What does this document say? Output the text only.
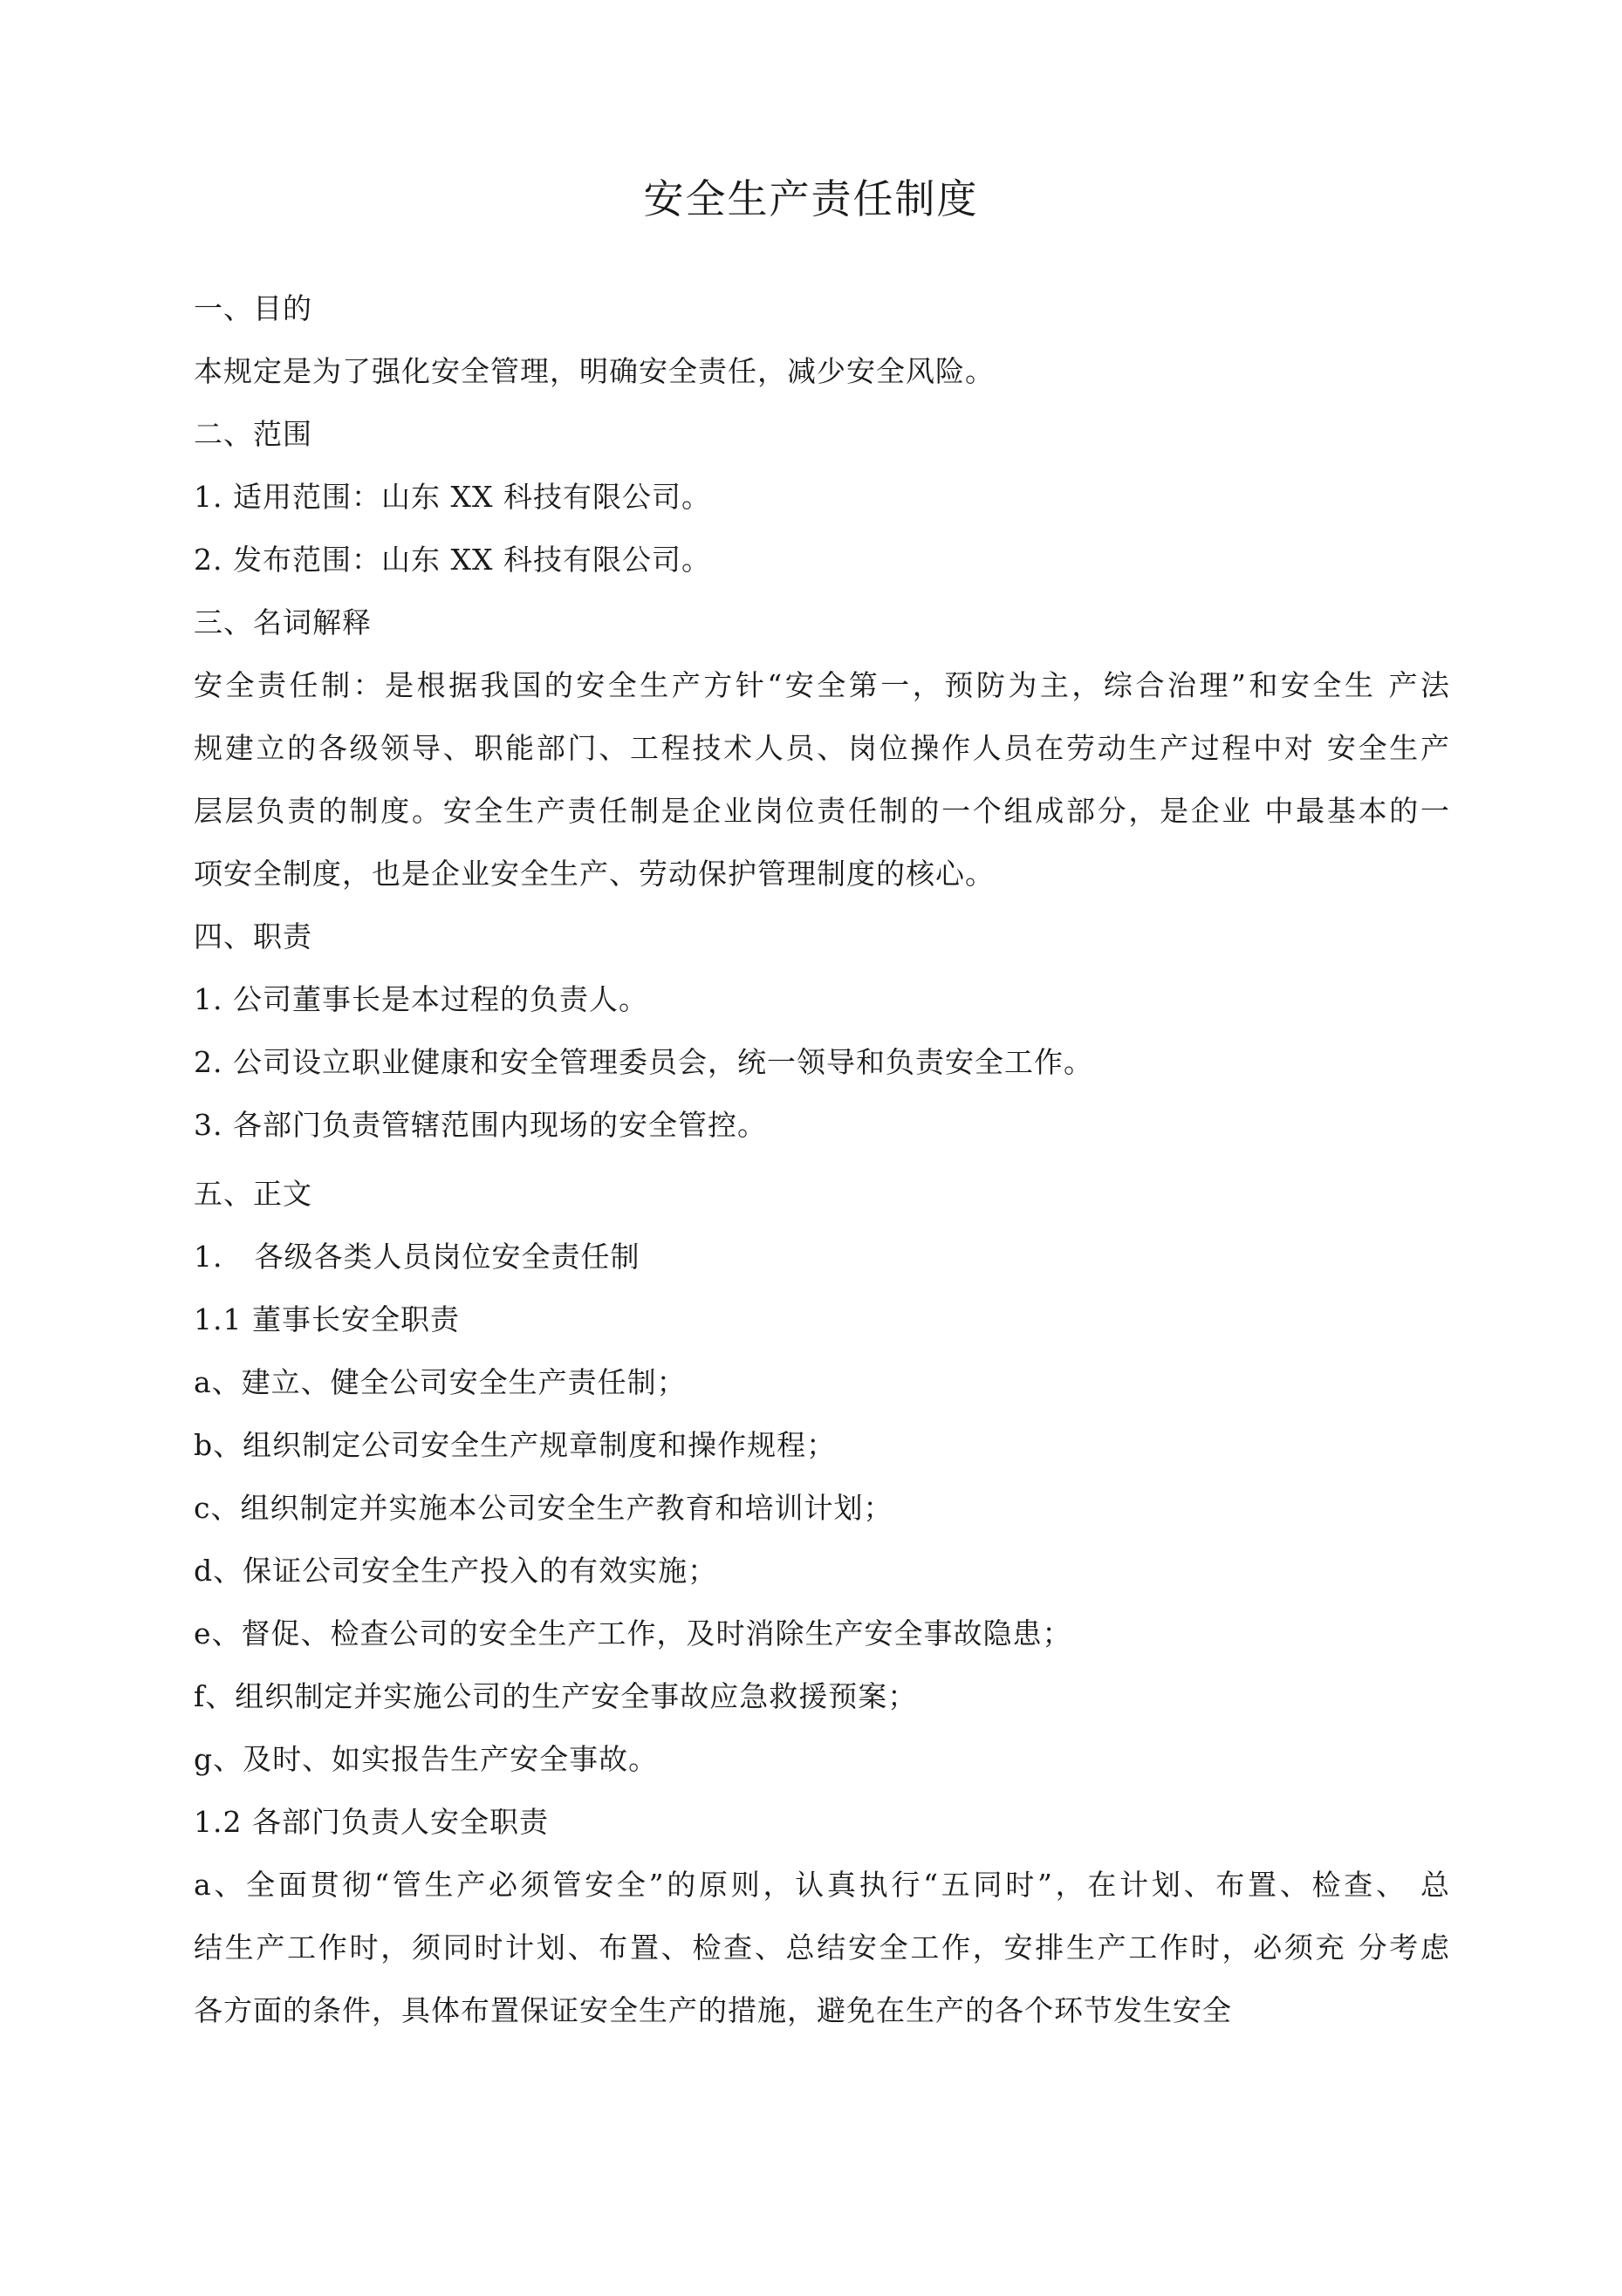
安全生产责任制度
一、目的
本规定是为了强化安全管理，明确安全责任，减少安全风险。
二、范围
1. 适用范围：山东 XX 科技有限公司。
2. 发布范围：山东 XX 科技有限公司。
三、名词解释
安全责任制：是根据我国的安全生产方针“安全第一，预防为主，综合治理”和安全生 产法
规建立的各级领导、职能部门、工程技术人员、岗位操作人员在劳动生产过程中对 安全生产
层层负责的制度。安全生产责任制是企业岗位责任制的一个组成部分，是企业 中最基本的一
项安全制度，也是企业安全生产、劳动保护管理制度的核心。
四、职责
1. 公司董事长是本过程的负责人。
2. 公司设立职业健康和安全管理委员会，统一领导和负责安全工作。
3. 各部门负责管辖范围内现场的安全管控。
五、正文
1. 各级各类人员岗位安全责任制
1.1 董事长安全职责
a、建立、健全公司安全生产责任制；
b、组织制定公司安全生产规章制度和操作规程；
c、组织制定并实施本公司安全生产教育和培训计划；
d、保证公司安全生产投入的有效实施；
e、督促、检查公司的安全生产工作，及时消除生产安全事故隐患；
f、组织制定并实施公司的生产安全事故应急救援预案；
g、及时、如实报告生产安全事故。
1.2 各部门负责人安全职责
a、全面贯彻“管生产必须管安全”的原则，认真执行“五同时”，在计划、布置、检查、 总
结生产工作时，须同时计划、布置、检查、总结安全工作，安排生产工作时，必须充 分考虑
各方面的条件，具体布置保证安全生产的措施，避免在生产的各个环节发生安全
